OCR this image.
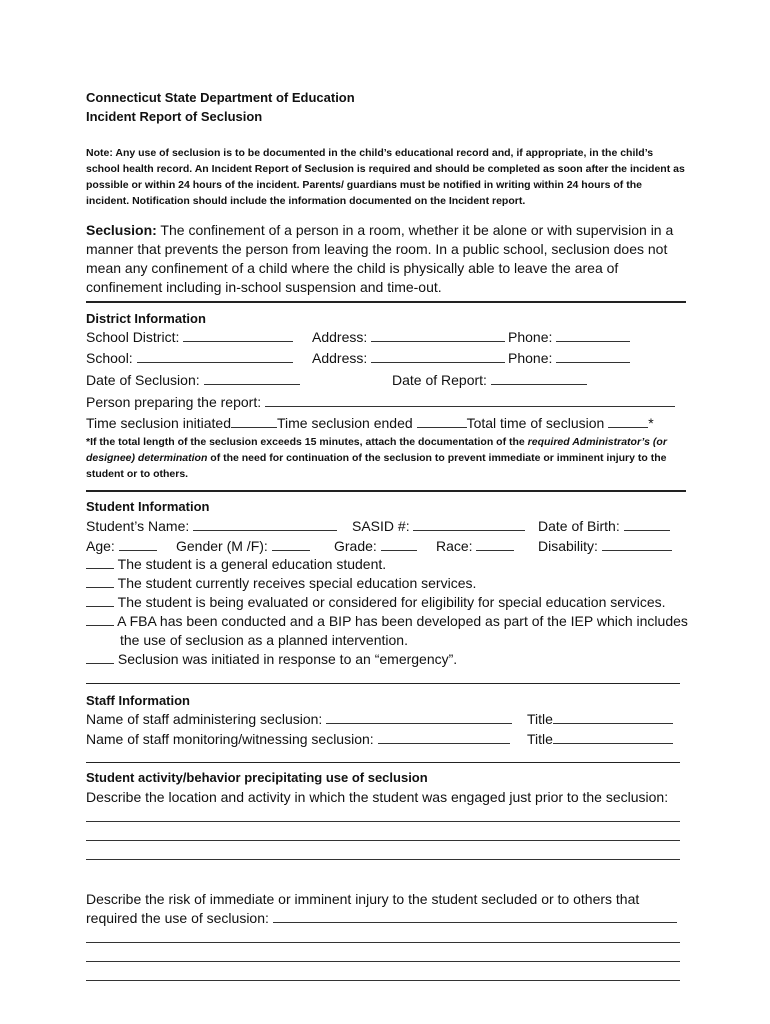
Connecticut State Department of Education
Incident Report of Seclusion
Note: Any use of seclusion is to be documented in the child’s educational record and, if appropriate, in the child’s school health record. An Incident Report of Seclusion is required and should be completed as soon after the incident as possible or within 24 hours of the incident. Parents/ guardians must be notified in writing within 24 hours of the incident. Notification should include the information documented on the Incident report.
Seclusion: The confinement of a person in a room, whether it be alone or with supervision in a manner that prevents the person from leaving the room. In a public school, seclusion does not mean any confinement of a child where the child is physically able to leave the area of confinement including in-school suspension and time-out.
District Information
School District:	Address:	Phone:
School:	Address:	Phone:
Date of Seclusion:	Date of Report:
Person preparing the report:
Time seclusion initiated	Time seclusion ended	Total time of seclusion	*
*If the total length of the seclusion exceeds 15 minutes, attach the documentation of the required Administrator’s (or designee) determination of the need for continuation of the seclusion to prevent immediate or imminent injury to the student or to others.
Student Information
Student’s Name:	SASID #:	Date of Birth:
Age:	Gender (M /F):	Grade:	Race:	Disability:
The student is a general education student.
The student currently receives special education services.
The student is being evaluated or considered for eligibility for special education services.
A FBA has been conducted and a BIP has been developed as part of the IEP which includes
the use of seclusion as a planned intervention.
Seclusion was initiated in response to an “emergency”.
Staff Information
Name of staff administering seclusion:	Title
Name of staff monitoring/witnessing seclusion:	Title
Student activity/behavior precipitating use of seclusion
Describe the location and activity in which the student was engaged just prior to the seclusion:
Describe the risk of immediate or imminent injury to the student secluded or to others that
required the use of seclusion:
